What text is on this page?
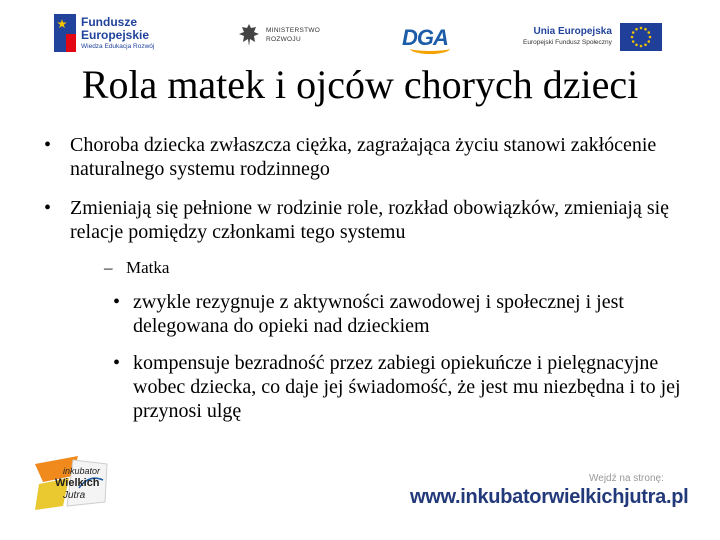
Fundusze
Europejskie
Wiedza Edukacja Rozwój
MINISTERSTWO
ROZWOJU	DGA	Unia Europejska
Europejski Fundusz Społeczny
Rola matek i ojców chorych dzieci
• Choroba dziecka zwłaszcza ciężka, zagrażająca życiu stanowi zakłócenie naturalnego systemu rodzinnego
• Zmieniają się pełnione w rodzinie role, rozkład obowiązków, zmieniają się relacje pomiędzy członkami tego systemu
– Matka
• zwykle rezygnuje z aktywności zawodowej i społecznej i jest delegowana do opieki nad dzieckiem
• kompensuje bezradność przez zabiegi opiekuńcze i pielęgnacyjne wobec dziecka, co daje jej świadomość, że jest mu niezbędna i to jej przynosi ulgę
inkubator
Wielkich
Jutra
Wejdź na stronę:
www.inkubatorwielkichjutra.pl
